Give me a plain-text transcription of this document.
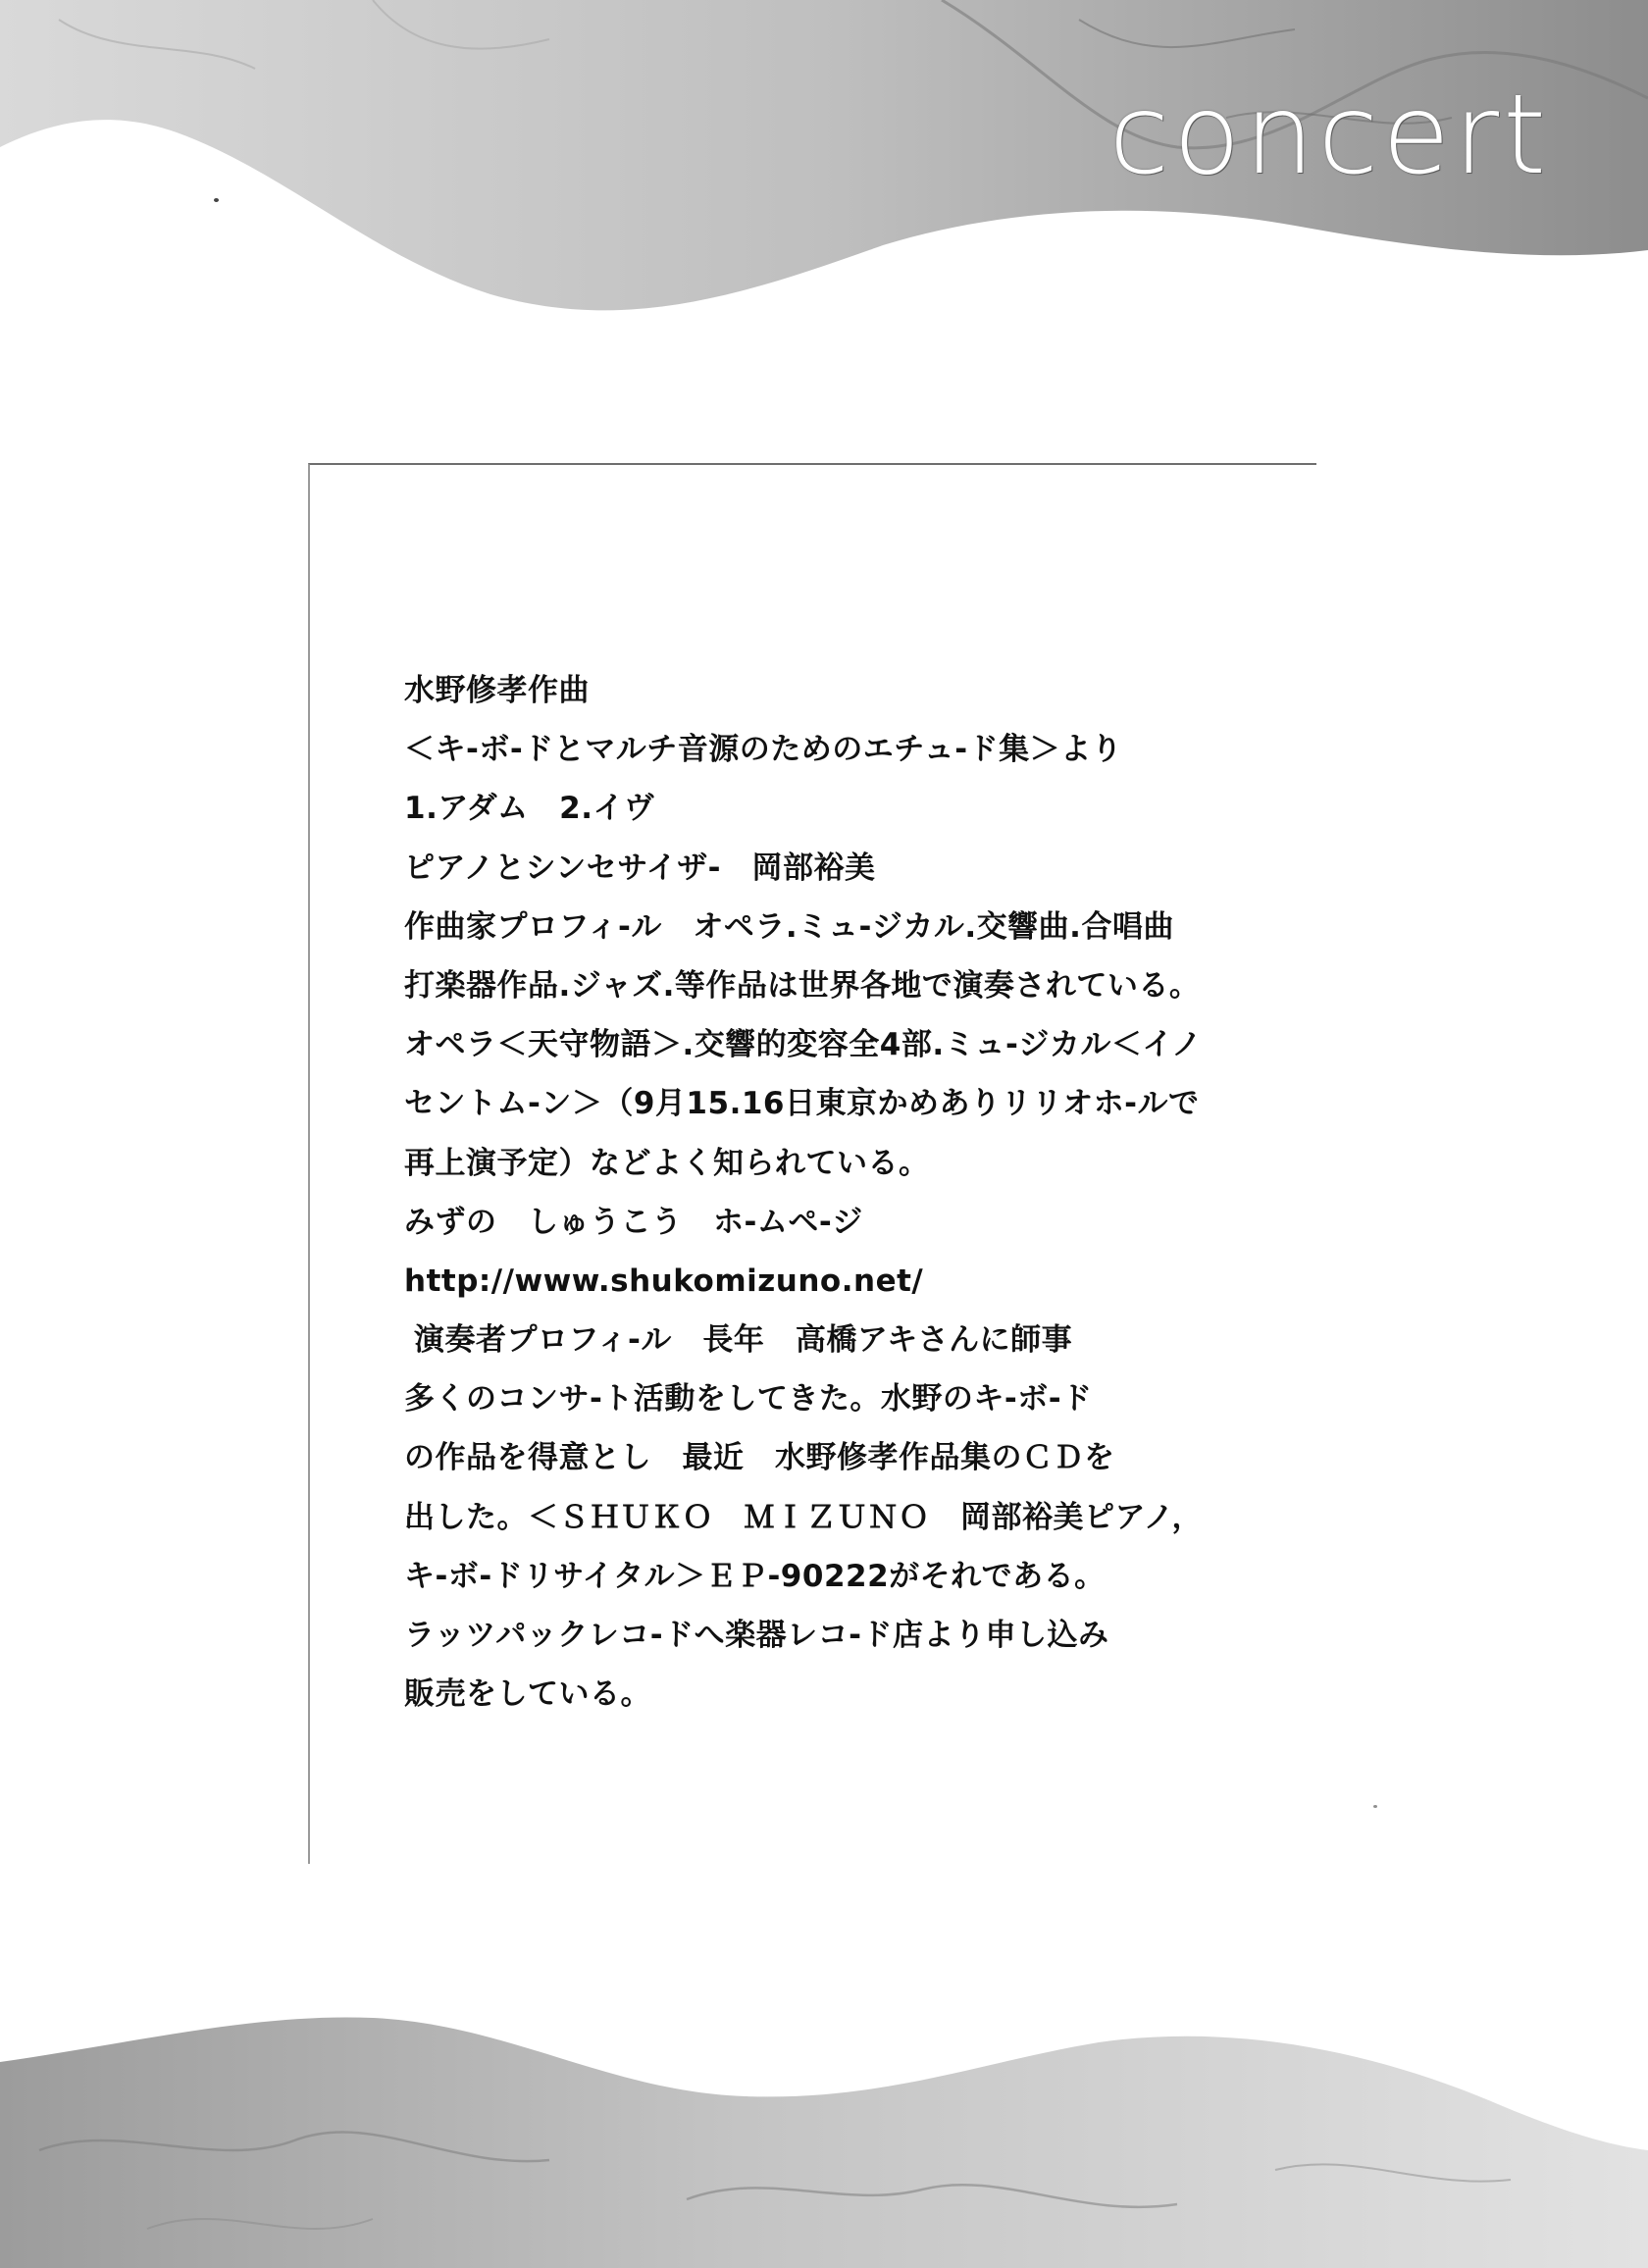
concert
水野修孝作曲
＜キ-ボ-ドとマルチ音源のためのエチュ-ド集＞より
1.アダム　2.イヴ
ピアノとシンセサイザ-　岡部裕美
作曲家プロフィ-ル　オペラ.ミュ-ジカル.交響曲.合唱曲
打楽器作品.ジャズ.等作品は世界各地で演奏されている。
オペラ＜天守物語＞.交響的変容全4部.ミュ-ジカル＜イノ
セントム-ン＞（9月15.16日東京かめありリリオホ-ルで
再上演予定）などよく知られている。
みずの　しゅうこう　ホ-ムペ-ジ
http://www.shukomizuno.net/
演奏者プロフィ-ル　長年　高橋アキさんに師事
多くのコンサ-ト活動をしてきた。水野のキ-ボ-ド
の作品を得意とし　最近　水野修孝作品集のＣＤを
出した。＜ＳＨＵＫＯ　ＭＩＺＵＮＯ　岡部裕美ピアノ，
キ-ボ-ドリサイタル＞ＥＰ-90222がそれである。
ラッツパックレコ-ドへ楽器レコ-ド店より申し込み
販売をしている。
